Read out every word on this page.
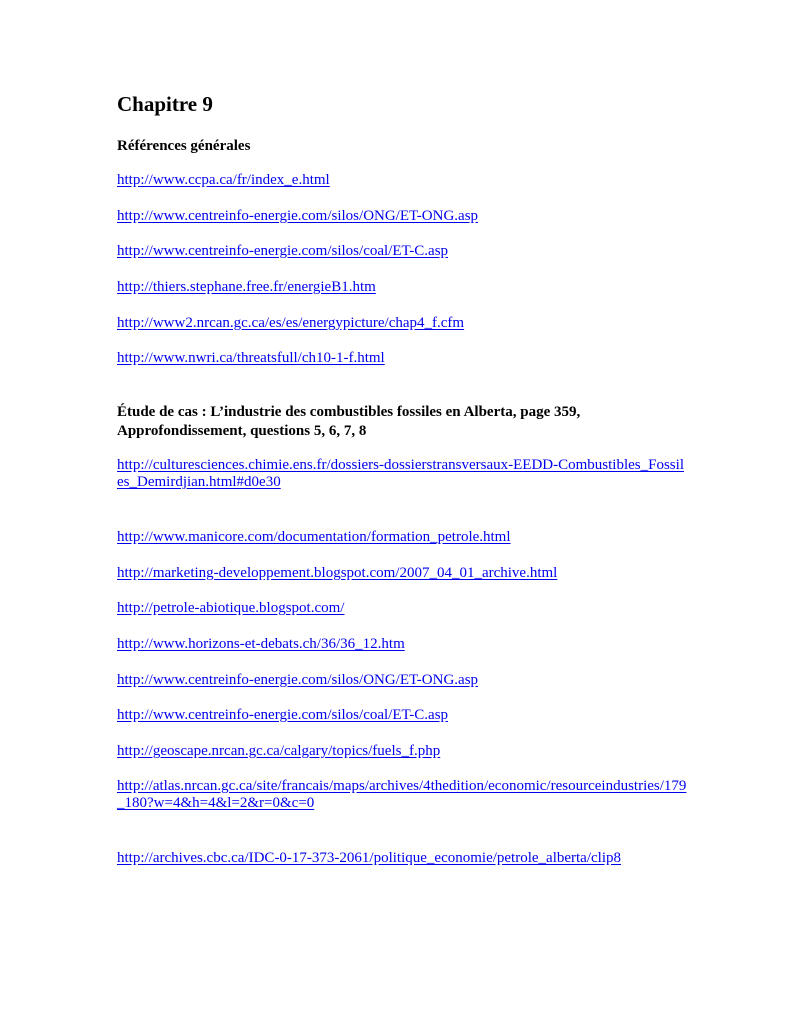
Chapitre 9
Références générales
http://www.ccpa.ca/fr/index_e.html
http://www.centreinfo-energie.com/silos/ONG/ET-ONG.asp
http://www.centreinfo-energie.com/silos/coal/ET-C.asp
http://thiers.stephane.free.fr/energieB1.htm
http://www2.nrcan.gc.ca/es/es/energypicture/chap4_f.cfm
http://www.nwri.ca/threatsfull/ch10-1-f.html
Étude de cas : L’industrie des combustibles fossiles en Alberta, page 359,
Approfondissement, questions 5, 6, 7, 8
http://culturesciences.chimie.ens.fr/dossiers-dossierstransversaux-EEDD-Combustibles_Fossiles_Demirdjian.html#d0e30
http://www.manicore.com/documentation/formation_petrole.html
http://marketing-developpement.blogspot.com/2007_04_01_archive.html
http://petrole-abiotique.blogspot.com/
http://www.horizons-et-debats.ch/36/36_12.htm
http://www.centreinfo-energie.com/silos/ONG/ET-ONG.asp
http://www.centreinfo-energie.com/silos/coal/ET-C.asp
http://geoscape.nrcan.gc.ca/calgary/topics/fuels_f.php
http://atlas.nrcan.gc.ca/site/francais/maps/archives/4thedition/economic/resourceindustries/179_180?w=4&h=4&l=2&r=0&c=0
http://archives.cbc.ca/IDC-0-17-373-2061/politique_economie/petrole_alberta/clip8
